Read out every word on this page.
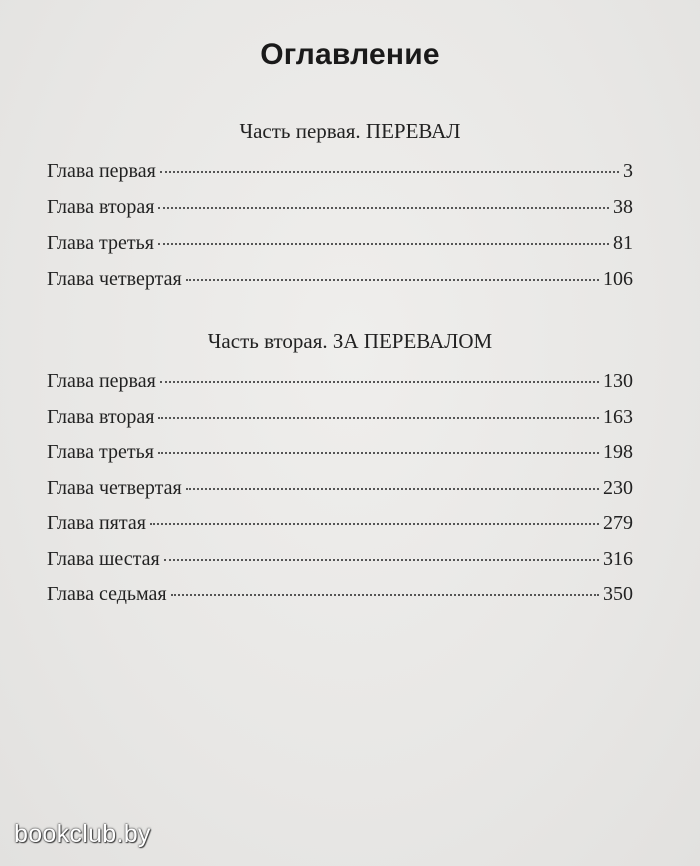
Оглавление
Часть первая. ПЕРЕВАЛ
Глава первая	3
Глава вторая	38
Глава третья	81
Глава четвертая	106
Часть вторая. ЗА ПЕРЕВАЛОМ
Глава первая	130
Глава вторая	163
Глава третья	198
Глава четвертая	230
Глава пятая	279
Глава шестая	316
Глава седьмая	350
bookclub.by
